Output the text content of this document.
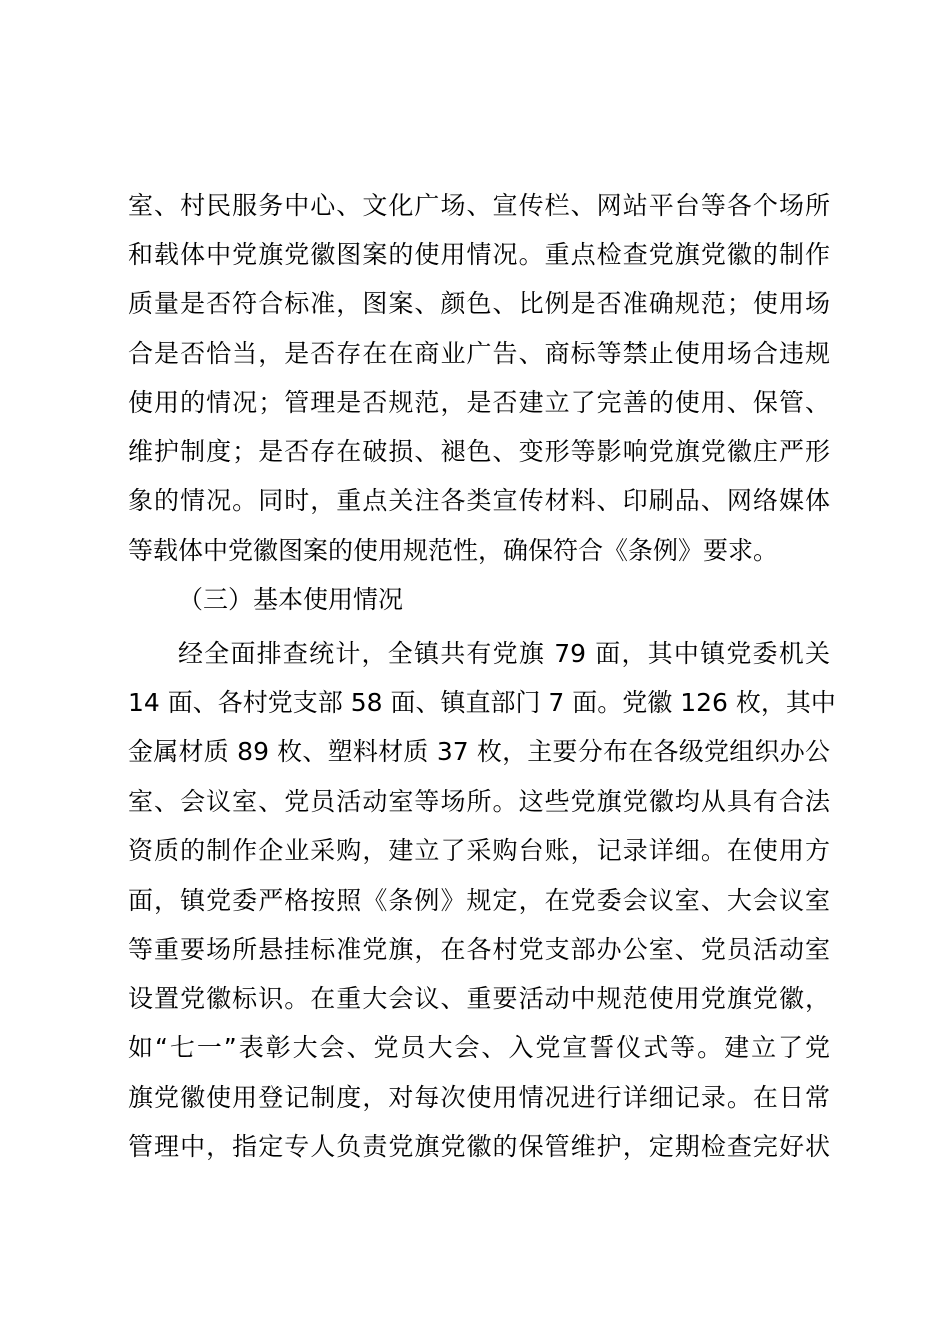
室、村民服务中心、文化广场、宣传栏、网站平台等各个场所
和载体中党旗党徽图案的使用情况。重点检查党旗党徽的制作
质量是否符合标准，图案、颜色、比例是否准确规范；使用场
合是否恰当，是否存在在商业广告、商标等禁止使用场合违规
使用的情况；管理是否规范，是否建立了完善的使用、保管、
维护制度；是否存在破损、褪色、变形等影响党旗党徽庄严形
象的情况。同时，重点关注各类宣传材料、印刷品、网络媒体
等载体中党徽图案的使用规范性，确保符合《条例》要求。
（三）基本使用情况
经全面排查统计，全镇共有党旗 79 面，其中镇党委机关
14 面、各村党支部 58 面、镇直部门 7 面。党徽 126 枚，其中
金属材质 89 枚、塑料材质 37 枚，主要分布在各级党组织办公
室、会议室、党员活动室等场所。这些党旗党徽均从具有合法
资质的制作企业采购，建立了采购台账，记录详细。在使用方
面，镇党委严格按照《条例》规定，在党委会议室、大会议室
等重要场所悬挂标准党旗，在各村党支部办公室、党员活动室
设置党徽标识。在重大会议、重要活动中规范使用党旗党徽，
如“七一”表彰大会、党员大会、入党宣誓仪式等。建立了党
旗党徽使用登记制度，对每次使用情况进行详细记录。在日常
管理中，指定专人负责党旗党徽的保管维护，定期检查完好状
